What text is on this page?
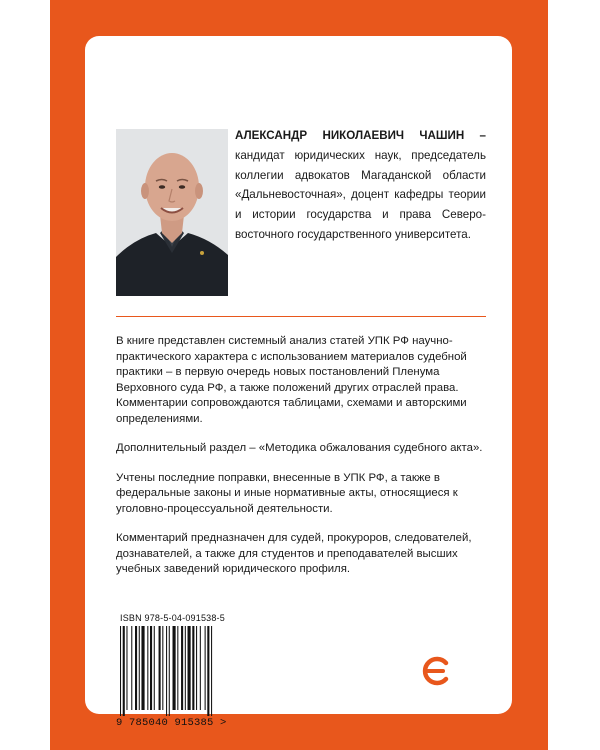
АЛЕКСАНДР НИКОЛАЕВИЧ ЧАШИН – кандидат юридических наук, председатель коллегии адвокатов Магаданской области «Дальневосточная», доцент кафедры теории и истории государства и права Северо-восточного государственного университета.

В книге представлен системный анализ статей УПК РФ научно-практического характера с использованием материалов судебной практики – в первую очередь новых постановлений Пленума Верховного суда РФ, а также положений других отраслей права. Комментарии сопровождаются таблицами, схемами и авторскими определениями.

Дополнительный раздел – «Методика обжалования судебного акта».

Учтены последние поправки, внесенные в УПК РФ, а также в федеральные законы и иные нормативные акты, относящиеся к уголовно-процессуальной деятельности.

Комментарий предназначен для судей, прокуроров, следователей, дознавателей, а также для студентов и преподавателей высших учебных заведений юридического профиля.

ISBN 978-5-04-091538-5
9 785040 915385 >
